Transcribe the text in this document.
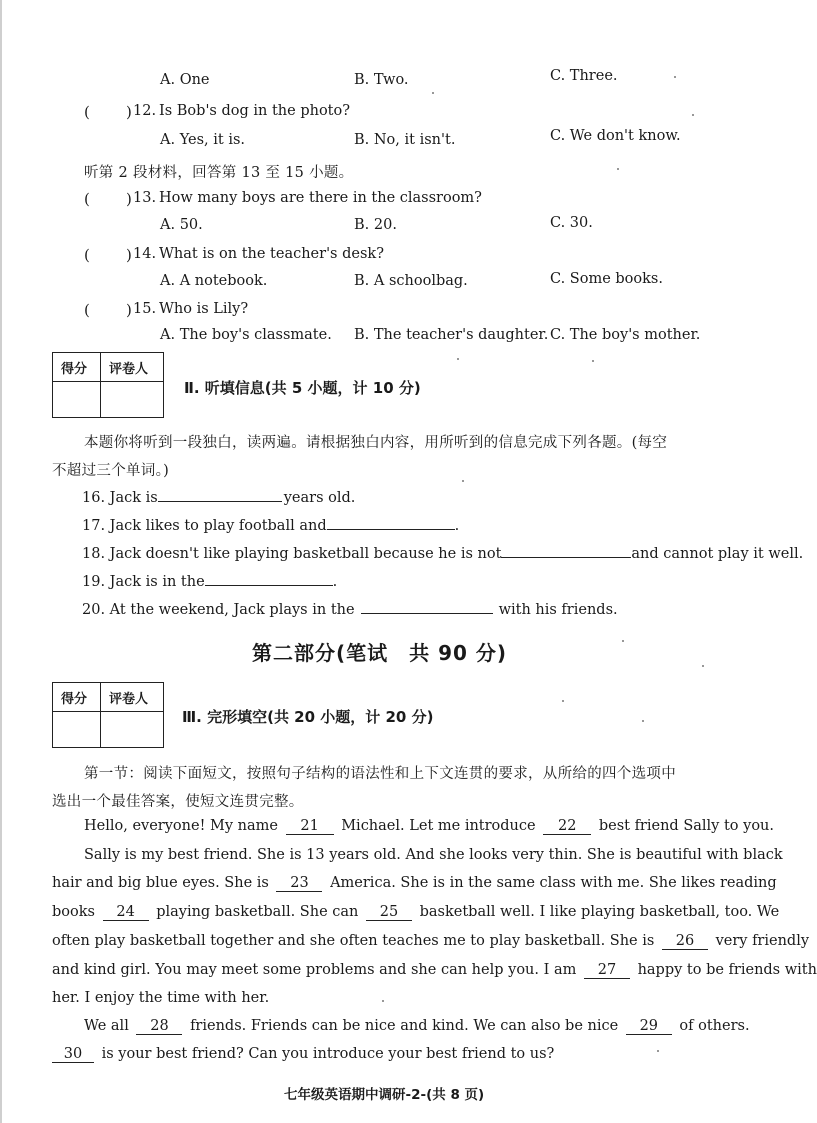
A. One	B. Two.	C. Three.
( ) 12. Is Bob's dog in the photo?
A. Yes, it is.	B. No, it isn't.	C. We don't know.
听第 2 段材料，回答第 13 至 15 小题。
( ) 13. How many boys are there in the classroom?
A. 50.	B. 20.	C. 30.
( ) 14. What is on the teacher's desk?
A. A notebook.	B. A schoolbag.	C. Some books.
( ) 15. Who is Lily?
A. The boy's classmate. B. The teacher's daughter. C. The boy's mother.
得分 评卷人
Ⅱ. 听填信息(共 5 小题，计 10 分)
本题你将听到一段独白，读两遍。请根据独白内容，用所听到的信息完成下列各题。(每空
不超过三个单词。)
16. Jack is	years old.
17. Jack likes to play football and	.
18. Jack doesn't like playing basketball because he is not	and cannot play it well.
19. Jack is in the	.
20. At the weekend, Jack plays in the	with his friends.
第二部分(笔试　共 90 分)
得分 评卷人
Ⅲ. 完形填空(共 20 小题，计 20 分)
第一节：阅读下面短文，按照句子结构的语法性和上下文连贯的要求，从所给的四个选项中
选出一个最佳答案，使短文连贯完整。
Hello, everyone! My name 21 Michael. Let me introduce 22 best friend Sally to you.
Sally is my best friend. She is 13 years old. And she looks very thin. She is beautiful with black
hair and big blue eyes. She is 23 America. She is in the same class with me. She likes reading
books 24 playing basketball. She can 25 basketball well. I like playing basketball, too. We
often play basketball together and she often teaches me to play basketball. She is 26 very friendly
and kind girl. You may meet some problems and she can help you. I am 27 happy to be friends with
her. I enjoy the time with her.
We all 28 friends. Friends can be nice and kind. We can also be nice 29 of others.
30 is your best friend? Can you introduce your best friend to us?
七年级英语期中调研-2-(共 8 页)
